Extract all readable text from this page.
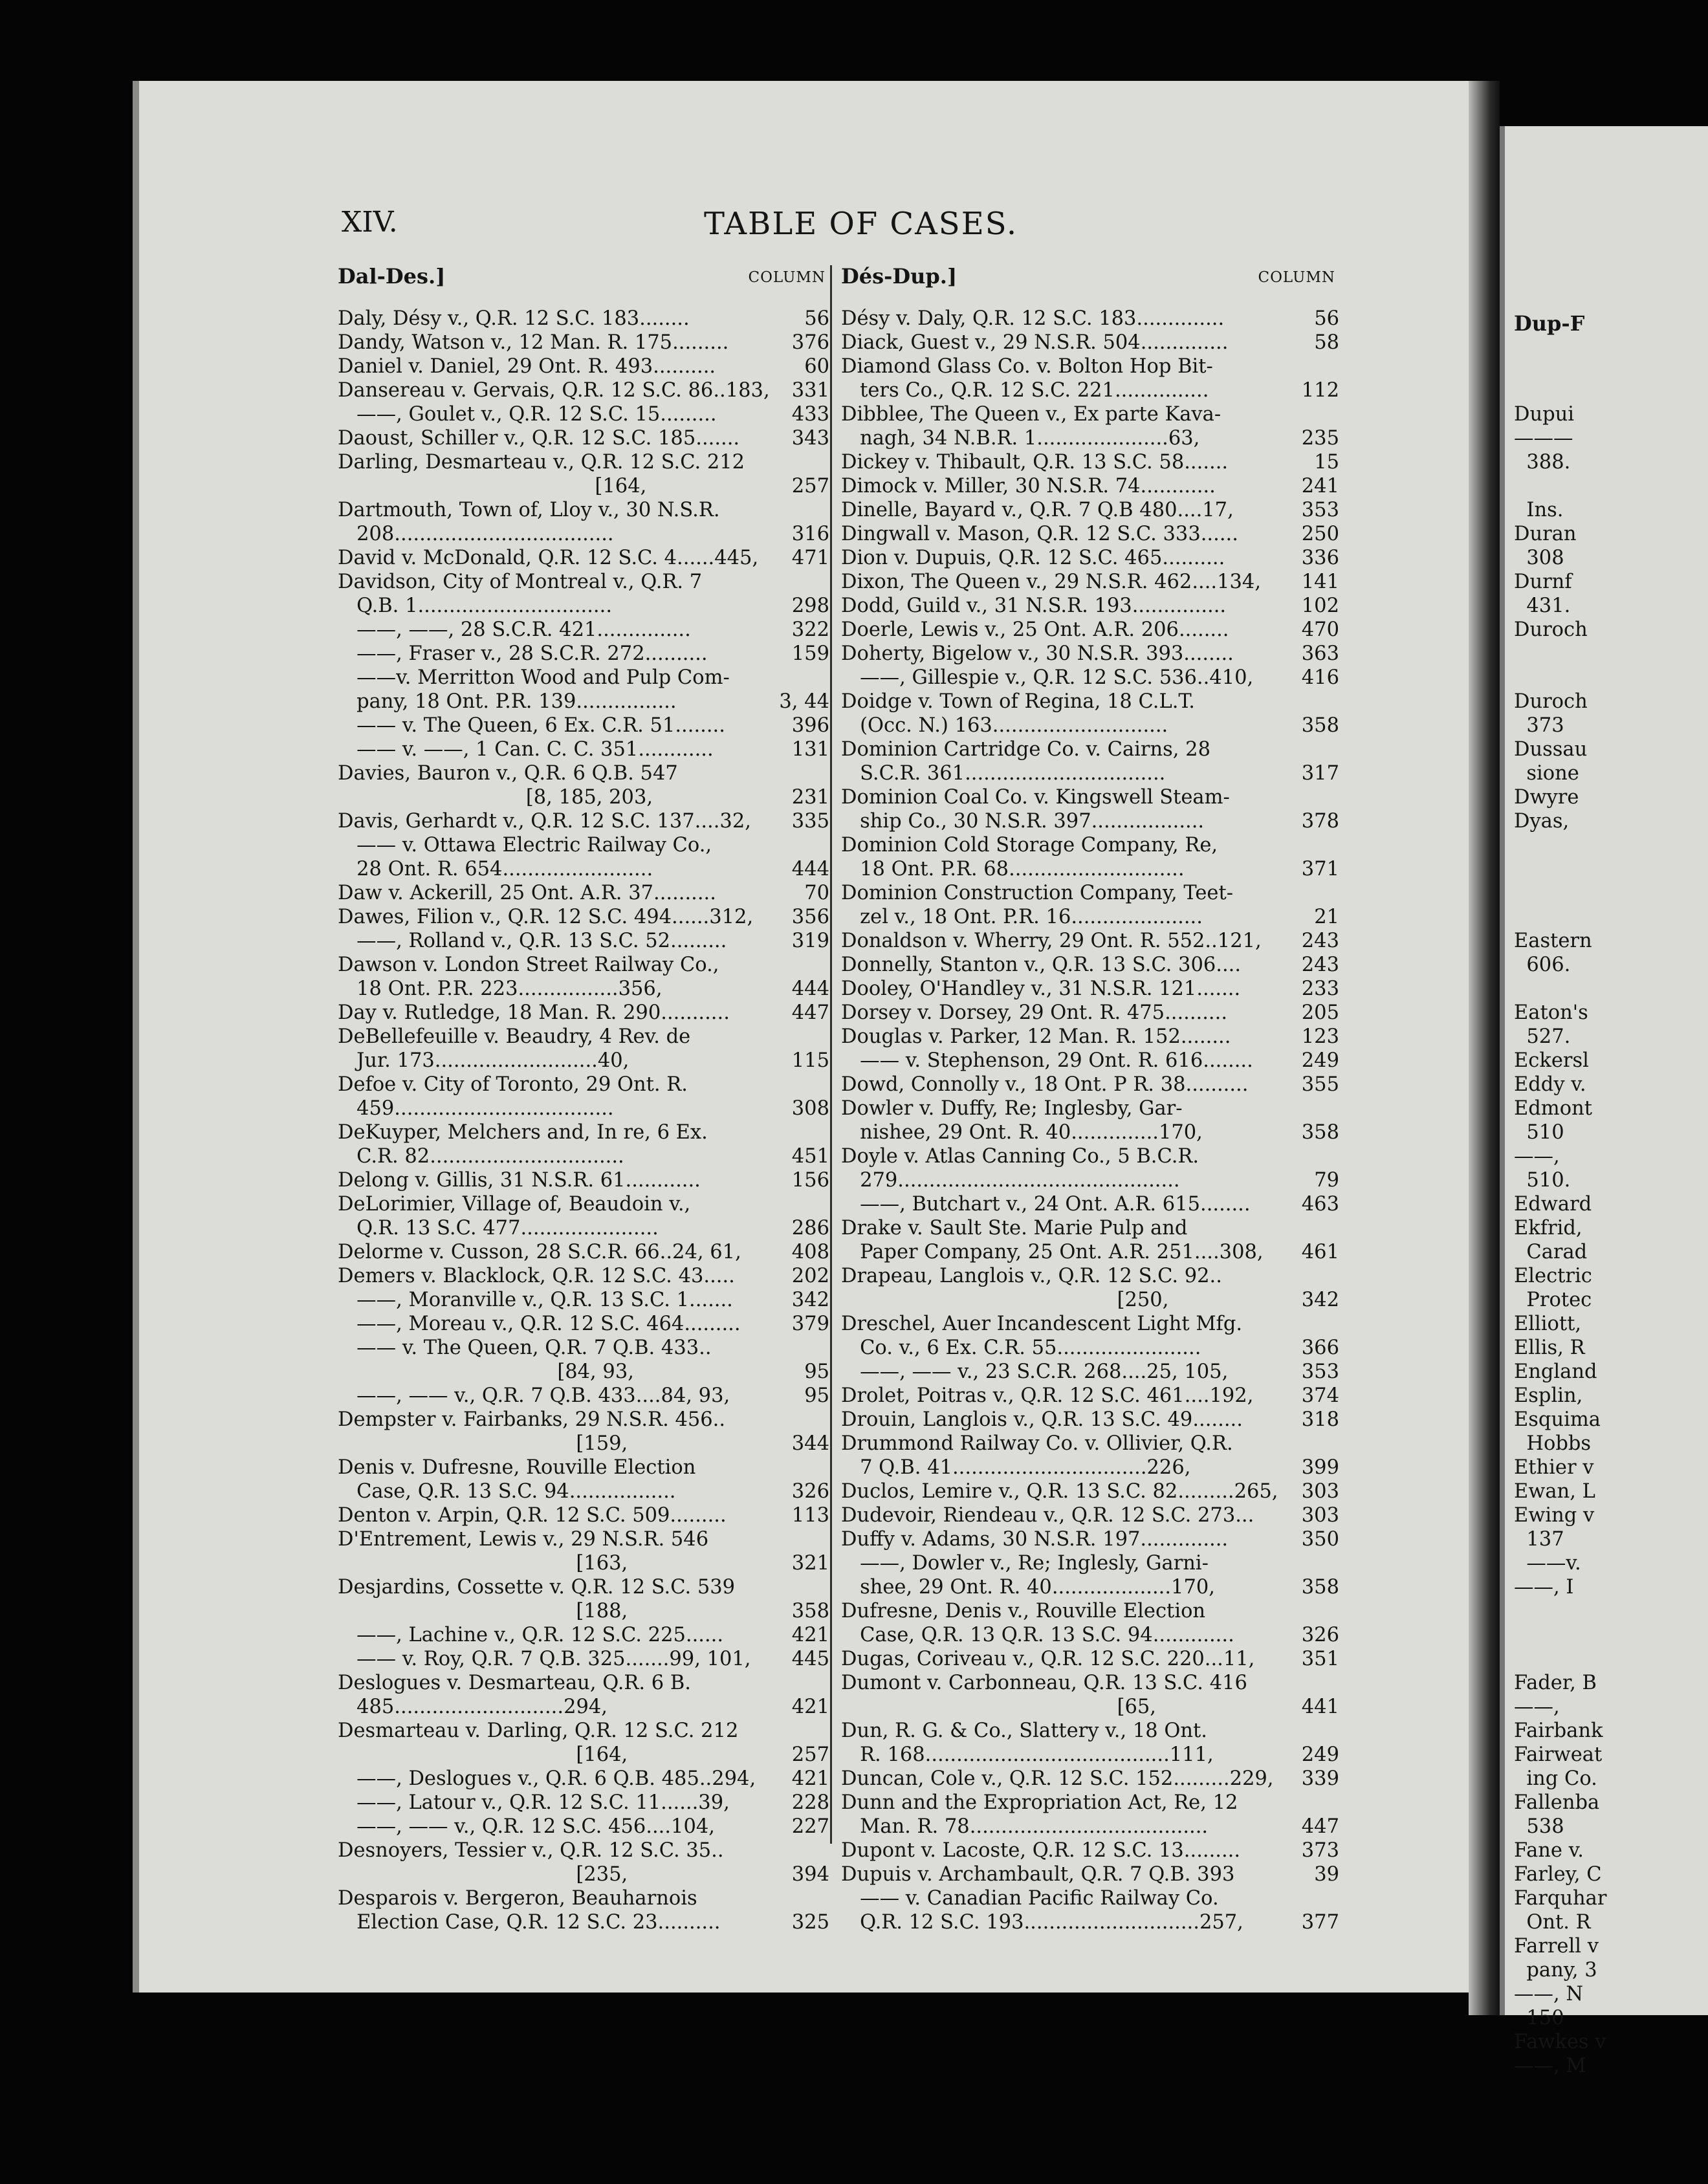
XIV.	TABLE OF CASES.
Dal-Des.]	COLUMN
Daly, Désy v., Q.R. 12 S.C. 183........	56
Dandy, Watson v., 12 Man. R. 175.........	376
Daniel v. Daniel, 29 Ont. R. 493..........	60
Dansereau v. Gervais, Q.R. 12 S.C. 86..183, 331
——, Goulet v., Q.R. 12 S.C. 15.........	433
Daoust, Schiller v., Q.R. 12 S.C. 185.......	343
Darling, Desmarteau v., Q.R. 12 S.C. 212
[164,	257
Dartmouth, Town of, Lloy v., 30 N.S.R.
208...................................	316
David v. McDonald, Q.R. 12 S.C. 4......445, 471
Davidson, City of Montreal v., Q.R. 7
Q.B. 1...............................	298
——, ——, 28 S.C.R. 421...............	322
——, Fraser v., 28 S.C.R. 272..........	159
——v. Merritton Wood and Pulp Com-
pany, 18 Ont. P.R. 139................	3, 44
—— v. The Queen, 6 Ex. C.R. 51........	396
—— v. ——, 1 Can. C. C. 351............	131
Davies, Bauron v., Q.R. 6 Q.B. 547
[8, 185, 203,	231
Davis, Gerhardt v., Q.R. 12 S.C. 137....32, 335
—— v. Ottawa Electric Railway Co.,
28 Ont. R. 654........................	444
Daw v. Ackerill, 25 Ont. A.R. 37..........	70
Dawes, Filion v., Q.R. 12 S.C. 494......312, 356
——, Rolland v., Q.R. 13 S.C. 52.........	319
Dawson v. London Street Railway Co.,
18 Ont. P.R. 223................356,	444
Day v. Rutledge, 18 Man. R. 290...........	447
DeBellefeuille v. Beaudry, 4 Rev. de
Jur. 173..........................40,	115
Defoe v. City of Toronto, 29 Ont. R.
459...................................	308
DeKuyper, Melchers and, In re, 6 Ex.
C.R. 82...............................	451
Delong v. Gillis, 31 N.S.R. 61............	156
DeLorimier, Village of, Beaudoin v.,
Q.R. 13 S.C. 477......................	286
Delorme v. Cusson, 28 S.C.R. 66..24, 61,	408
Demers v. Blacklock, Q.R. 12 S.C. 43.....	202
——, Moranville v., Q.R. 13 S.C. 1.......	342
——, Moreau v., Q.R. 12 S.C. 464.........	379
—— v. The Queen, Q.R. 7 Q.B. 433..
[84, 93,	95
——, —— v., Q.R. 7 Q.B. 433....84, 93,	95
Dempster v. Fairbanks, 29 N.S.R. 456..
[159,	344
Denis v. Dufresne, Rouville Election
Case, Q.R. 13 S.C. 94.................	326
Denton v. Arpin, Q.R. 12 S.C. 509.........	113
D'Entrement, Lewis v., 29 N.S.R. 546
[163,	321
Desjardins, Cossette v. Q.R. 12 S.C. 539
[188,	358
——, Lachine v., Q.R. 12 S.C. 225......	421
—— v. Roy, Q.R. 7 Q.B. 325.......99, 101, 445
Deslogues v. Desmarteau, Q.R. 6 B.
485...........................294,	421
Desmarteau v. Darling, Q.R. 12 S.C. 212
[164,	257
——, Deslogues v., Q.R. 6 Q.B. 485..294, 421
——, Latour v., Q.R. 12 S.C. 11......39,	228
——, —— v., Q.R. 12 S.C. 456....104,	227
Desnoyers, Tessier v., Q.R. 12 S.C. 35..
[235,	394
Desparois v. Bergeron, Beauharnois
Election Case, Q.R. 12 S.C. 23..........	325
Dés-Dup.]	COLUMN
Désy v. Daly, Q.R. 12 S.C. 183..............	56
Diack, Guest v., 29 N.S.R. 504..............	58
Diamond Glass Co. v. Bolton Hop Bit-
ters Co., Q.R. 12 S.C. 221...............	112
Dibblee, The Queen v., Ex parte Kava-
nagh, 34 N.B.R. 1.....................63,	235
Dickey v. Thibault, Q.R. 13 S.C. 58.......	15
Dimock v. Miller, 30 N.S.R. 74............	241
Dinelle, Bayard v., Q.R. 7 Q.B 480....17,	353
Dingwall v. Mason, Q.R. 12 S.C. 333......	250
Dion v. Dupuis, Q.R. 12 S.C. 465..........	336
Dixon, The Queen v., 29 N.S.R. 462....134, 141
Dodd, Guild v., 31 N.S.R. 193...............	102
Doerle, Lewis v., 25 Ont. A.R. 206........	470
Doherty, Bigelow v., 30 N.S.R. 393........	363
——, Gillespie v., Q.R. 12 S.C. 536..410, 416
Doidge v. Town of Regina, 18 C.L.T.
(Occ. N.) 163............................	358
Dominion Cartridge Co. v. Cairns, 28
S.C.R. 361................................	317
Dominion Coal Co. v. Kingswell Steam-
ship Co., 30 N.S.R. 397..................	378
Dominion Cold Storage Company, Re,
18 Ont. P.R. 68............................	371
Dominion Construction Company, Teet-
zel v., 18 Ont. P.R. 16.....................	21
Donaldson v. Wherry, 29 Ont. R. 552..121, 243
Donnelly, Stanton v., Q.R. 13 S.C. 306....	243
Dooley, O'Handley v., 31 N.S.R. 121.......	233
Dorsey v. Dorsey, 29 Ont. R. 475..........	205
Douglas v. Parker, 12 Man. R. 152........	123
—— v. Stephenson, 29 Ont. R. 616........ 249
Dowd, Connolly v., 18 Ont. P R. 38..........	355
Dowler v. Duffy, Re; Inglesby, Gar-
nishee, 29 Ont. R. 40..............170,	358
Doyle v. Atlas Canning Co., 5 B.C.R.
279.............................................	79
——, Butchart v., 24 Ont. A.R. 615........	463
Drake v. Sault Ste. Marie Pulp and
Paper Company, 25 Ont. A.R. 251....308, 461
Drapeau, Langlois v., Q.R. 12 S.C. 92..
[250,	342
Dreschel, Auer Incandescent Light Mfg.
Co. v., 6 Ex. C.R. 55.......................	366
——, —— v., 23 S.C.R. 268....25, 105,	353
Drolet, Poitras v., Q.R. 12 S.C. 461....192, 374
Drouin, Langlois v., Q.R. 13 S.C. 49........	318
Drummond Railway Co. v. Ollivier, Q.R.
7 Q.B. 41...............................226,	399
Duclos, Lemire v., Q.R. 13 S.C. 82.........265, 303
Dudevoir, Riendeau v., Q.R. 12 S.C. 273... 303
Duffy v. Adams, 30 N.S.R. 197..............	350
——, Dowler v., Re; Inglesly, Garni-
shee, 29 Ont. R. 40...................170,	358
Dufresne, Denis v., Rouville Election
Case, Q.R. 13 Q.R. 13 S.C. 94.............	326
Dugas, Coriveau v., Q.R. 12 S.C. 220...11, 351
Dumont v. Carbonneau, Q.R. 13 S.C. 416
[65,	441
Dun, R. G. & Co., Slattery v., 18 Ont.
R. 168.......................................111,	249
Duncan, Cole v., Q.R. 12 S.C. 152.........229, 339
Dunn and the Expropriation Act, Re, 12
Man. R. 78......................................	447
Dupont v. Lacoste, Q.R. 12 S.C. 13.........	373
Dupuis v. Archambault, Q.R. 7 Q.B. 393	39
—— v. Canadian Pacific Railway Co.
Q.R. 12 S.C. 193............................257,	377

Dup-F

Dupui
———
388.

Ins.
Duran
308
Durnf
431.
Duroch

Duroch
373
Dussau
sione
Dwyre
Dyas,

Eastern
606.

Eaton's
527.
Eckersl
Eddy v.
Edmont
510
——,
510.
Edward
Ekfrid,
Carad
Electric
Protec
Elliott,
Ellis, R
England
Esplin,
Esquima
Hobbs
Ethier v
Ewan, L
Ewing v
137
——v.
——, I

Fader, B
——,
Fairbank
Fairweat
ing Co.
Fallenba
538
Fane v.
Farley, C
Farquhar
Ont. R
Farrell v
pany, 3
——, N
150
Fawkes v
——, M
